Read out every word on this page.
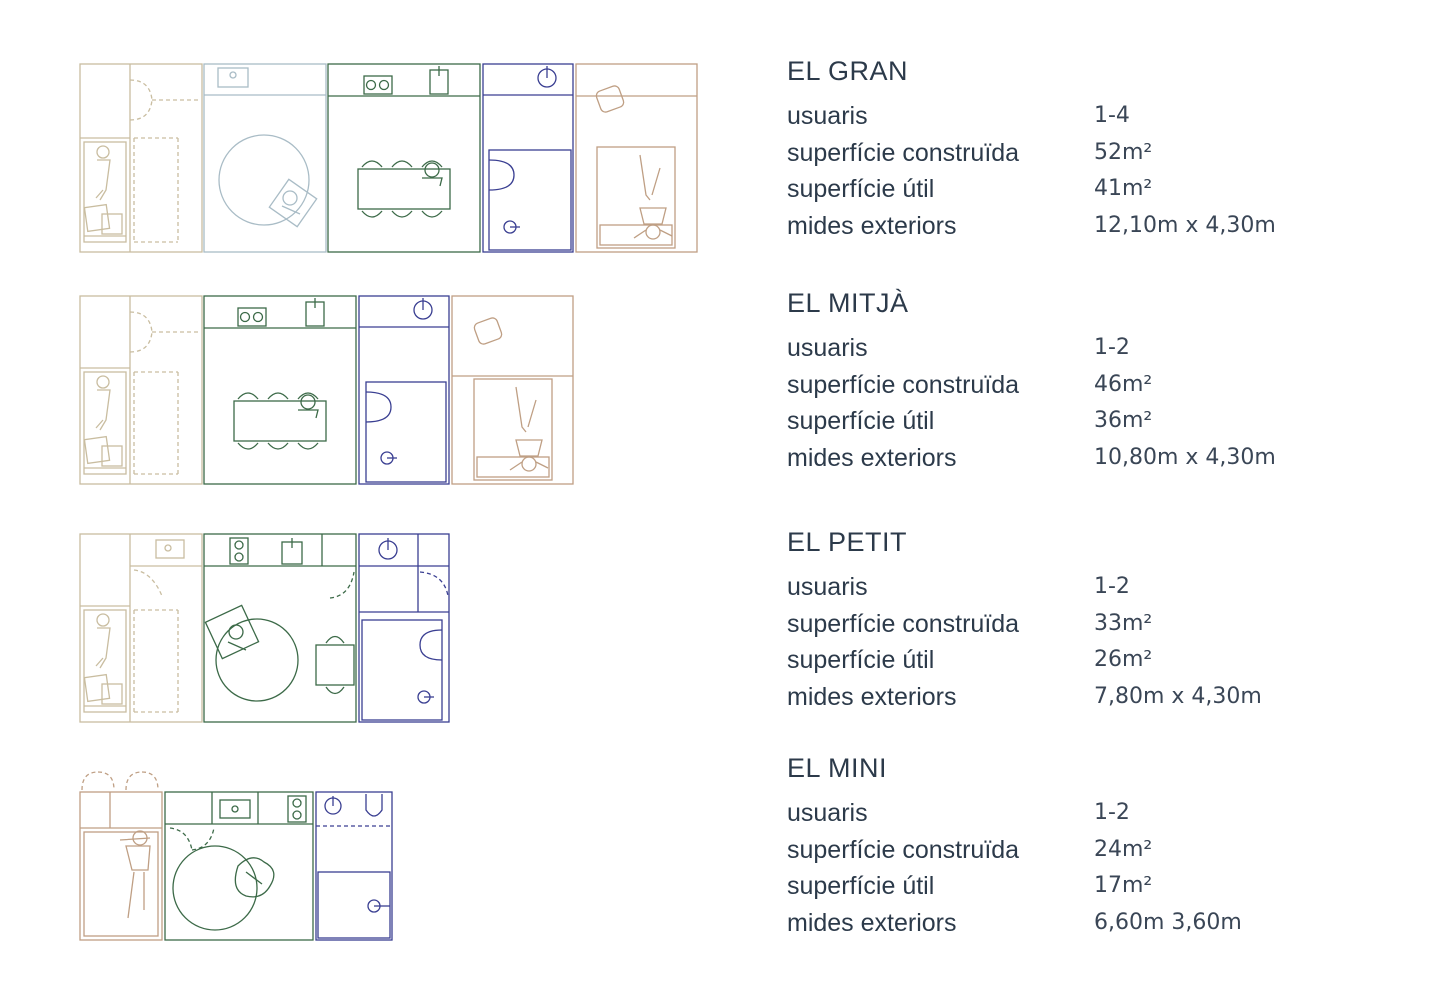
EL GRAN
usuaris	1-4
superfície construïda	52m²
superfície útil	41m²
mides exteriors	12,10m x 4,30m
EL MITJÀ
usuaris	1-2
superfície construïda	46m²
superfície útil	36m²
mides exteriors	10,80m x 4,30m
EL PETIT
usuaris	1-2
superfície construïda	33m²
superfície útil	26m²
mides exteriors	7,80m x 4,30m
EL MINI
usuaris	1-2
superfície construïda	24m²
superfície útil	17m²
mides exteriors	6,60m 3,60m
